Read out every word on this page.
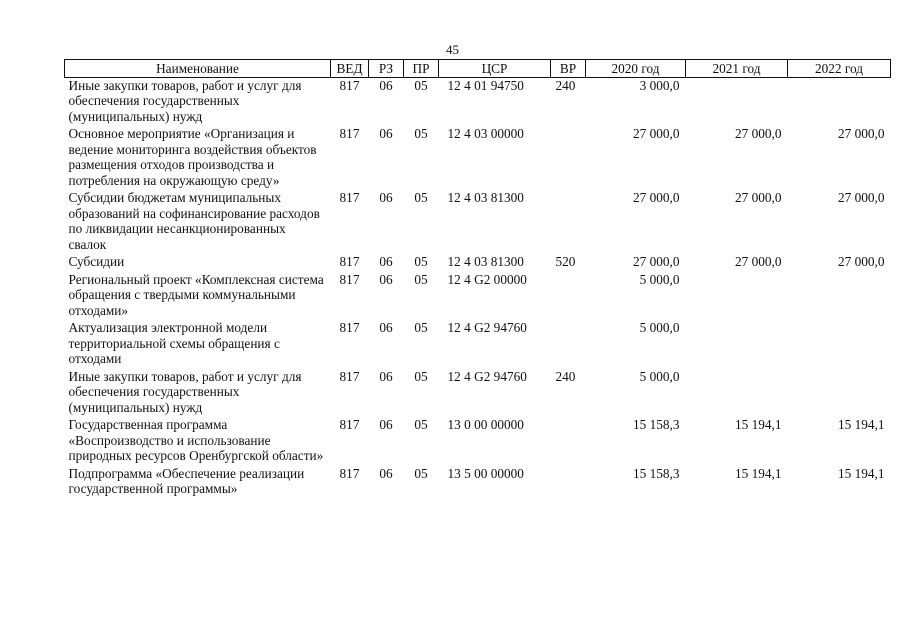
45
Наименование	ВЕД	РЗ	ПР	ЦСР	ВР	2020 год	2021 год	2022 год
Иные закупки товаров, работ и услуг для обеспечения государственных (муниципальных) нужд	817	06	05	12 4 01 94750	240	3 000,0		
Основное мероприятие «Организация и ведение мониторинга воздействия объектов размещения отходов производства и потребления на окружающую среду»	817	06	05	12 4 03 00000		27 000,0	27 000,0	27 000,0
Субсидии бюджетам муниципальных образований на софинансирование расходов по ликвидации несанкционированных свалок	817	06	05	12 4 03 81300		27 000,0	27 000,0	27 000,0
Субсидии	817	06	05	12 4 03 81300	520	27 000,0	27 000,0	27 000,0
Региональный проект «Комплексная система обращения с твердыми коммунальными отходами»	817	06	05	12 4 G2 00000		5 000,0		
Актуализация электронной модели территориальной схемы обращения с отходами	817	06	05	12 4 G2 94760		5 000,0		
Иные закупки товаров, работ и услуг для обеспечения государственных (муниципальных) нужд	817	06	05	12 4 G2 94760	240	5 000,0		
Государственная программа «Воспроизводство и использование природных ресурсов Оренбургской области»	817	06	05	13 0 00 00000		15 158,3	15 194,1	15 194,1
Подпрограмма «Обеспечение реализации государственной программы»	817	06	05	13 5 00 00000		15 158,3	15 194,1	15 194,1
